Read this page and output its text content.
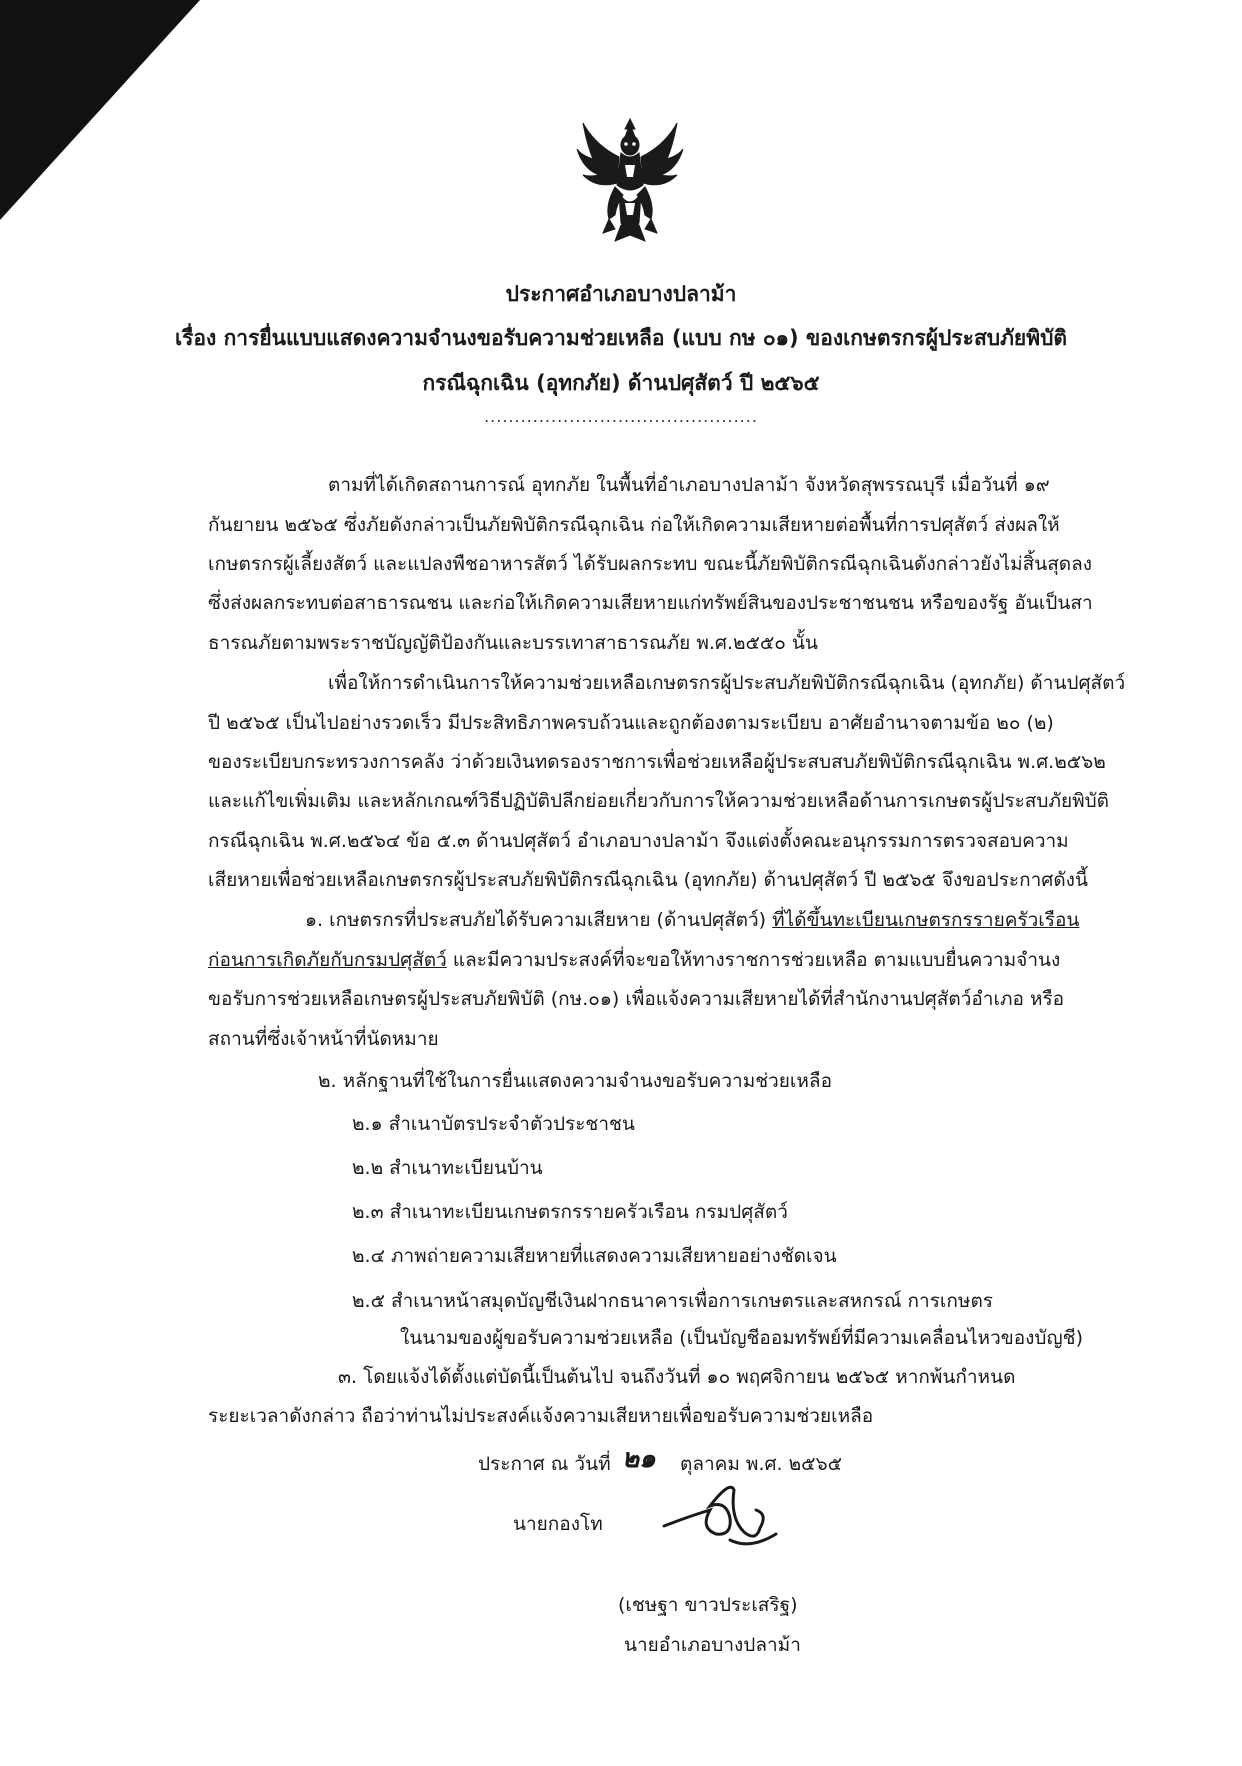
ประกาศอำเภอบางปลาม้า
เรื่อง การยื่นแบบแสดงความจำนงขอรับความช่วยเหลือ (แบบ กษ ๐๑) ของเกษตรกรผู้ประสบภัยพิบัติ
กรณีฉุกเฉิน (อุทกภัย) ด้านปศุสัตว์ ปี ๒๕๖๕
.............................................
ตามที่ได้เกิดสถานการณ์ อุทกภัย ในพื้นที่อำเภอบางปลาม้า จังหวัดสุพรรณบุรี เมื่อวันที่ ๑๙
กันยายน ๒๕๖๕ ซึ่งภัยดังกล่าวเป็นภัยพิบัติกรณีฉุกเฉิน ก่อให้เกิดความเสียหายต่อพื้นที่การปศุสัตว์ ส่งผลให้
เกษตรกรผู้เลี้ยงสัตว์ และแปลงพืชอาหารสัตว์ ได้รับผลกระทบ ขณะนี้ภัยพิบัติกรณีฉุกเฉินดังกล่าวยังไม่สิ้นสุดลง
ซึ่งส่งผลกระทบต่อสาธารณชน และก่อให้เกิดความเสียหายแก่ทรัพย์สินของประชาชนชน หรือของรัฐ อันเป็นสา
ธารณภัยตามพระราชบัญญัติป้องกันและบรรเทาสาธารณภัย พ.ศ.๒๕๕๐ นั้น
เพื่อให้การดำเนินการให้ความช่วยเหลือเกษตรกรผู้ประสบภัยพิบัติกรณีฉุกเฉิน (อุทกภัย) ด้านปศุสัตว์
ปี ๒๕๖๕ เป็นไปอย่างรวดเร็ว มีประสิทธิภาพครบถ้วนและถูกต้องตามระเบียบ อาศัยอำนาจตามข้อ ๒๐ (๒)
ของระเบียบกระทรวงการคลัง ว่าด้วยเงินทดรองราชการเพื่อช่วยเหลือผู้ประสบสบภัยพิบัติกรณีฉุกเฉิน พ.ศ.๒๕๖๒
และแก้ไขเพิ่มเติม และหลักเกณฑ์วิธีปฏิบัติปลีกย่อยเกี่ยวกับการให้ความช่วยเหลือด้านการเกษตรผู้ประสบภัยพิบัติ
กรณีฉุกเฉิน พ.ศ.๒๕๖๔ ข้อ ๕.๓ ด้านปศุสัตว์ อำเภอบางปลาม้า จึงแต่งตั้งคณะอนุกรรมการตรวจสอบความ
เสียหายเพื่อช่วยเหลือเกษตรกรผู้ประสบภัยพิบัติกรณีฉุกเฉิน (อุทกภัย) ด้านปศุสัตว์ ปี ๒๕๖๕ จึงขอประกาศดังนี้
๑. เกษตรกรที่ประสบภัยได้รับความเสียหาย (ด้านปศุสัตว์) ที่ได้ขึ้นทะเบียนเกษตรกรรายครัวเรือน
ก่อนการเกิดภัยกับกรมปศุสัตว์ และมีความประสงค์ที่จะขอให้ทางราชการช่วยเหลือ ตามแบบยื่นความจำนง
ขอรับการช่วยเหลือเกษตรผู้ประสบภัยพิบัติ (กษ.๐๑) เพื่อแจ้งความเสียหายได้ที่สำนักงานปศุสัตว์อำเภอ หรือ
สถานที่ซึ่งเจ้าหน้าที่นัดหมาย
๒. หลักฐานที่ใช้ในการยื่นแสดงความจำนงขอรับความช่วยเหลือ
๒.๑ สำเนาบัตรประจำตัวประชาชน
๒.๒ สำเนาทะเบียนบ้าน
๒.๓ สำเนาทะเบียนเกษตรกรรายครัวเรือน กรมปศุสัตว์
๒.๔ ภาพถ่ายความเสียหายที่แสดงความเสียหายอย่างชัดเจน
๒.๕ สำเนาหน้าสมุดบัญชีเงินฝากธนาคารเพื่อการเกษตรและสหกรณ์ การเกษตร
ในนามของผู้ขอรับความช่วยเหลือ (เป็นบัญชีออมทรัพย์ที่มีความเคลื่อนไหวของบัญชี)
๓. โดยแจ้งได้ตั้งแต่บัดนี้เป็นต้นไป จนถึงวันที่ ๑๐ พฤศจิกายน ๒๕๖๕ หากพ้นกำหนด
ระยะเวลาดังกล่าว ถือว่าท่านไม่ประสงค์แจ้งความเสียหายเพื่อขอรับความช่วยเหลือ
ประกาศ ณ วันที่ ๒๑ ตุลาคม พ.ศ. ๒๕๖๕
นายกองโท
(เชษฐา ขาวประเสริฐ)
นายอำเภอบางปลาม้า
